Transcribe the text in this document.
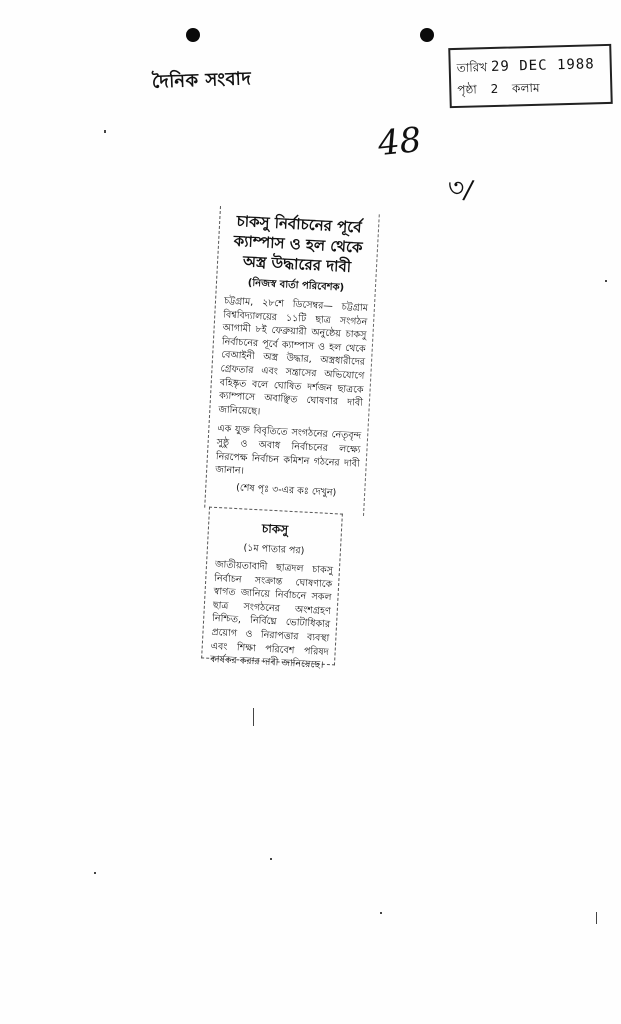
দৈনিক সংবাদ
তারিখ 29 DEC 1988
পৃষ্ঠা 2 কলাম
48
৩/
চাকসু নির্বাচনের পূর্বে ক্যাম্পাস ও হল থেকে অস্ত্র উদ্ধারের দাবী
(নিজস্ব বার্তা পরিবেশক)
চট্টগ্রাম, ২৮শে ডিসেম্বর— চট্টগ্রাম বিশ্ববিদ্যালয়ের ১১টি ছাত্র সংগঠন আগামী ৮ই ফেব্রুয়ারী অনুষ্ঠেয় চাকসু নির্বাচনের পূর্বে ক্যাম্পাস ও হল থেকে বেআইনী অস্ত্র উদ্ধার, অস্ত্রধারীদের গ্রেফতার এবং সন্ত্রাসের অভিযোগে বহিষ্কৃত বলে ঘোষিত দর্শজন ছাত্রকে ক্যাম্পাসে অবাঞ্ছিত ঘোষণার দাবী জানিয়েছে।
এক যুক্ত বিবৃতিতে সংগঠনের নেতৃবৃন্দ সুষ্ঠু ও অবাধ নির্বাচনের লক্ষ্যে নিরপেক্ষ নির্বাচন কমিশন গঠনের দাবী জানান।
(শেষ পৃঃ ৩-এর কঃ দেখুন)
চাকসু
(১ম পাতার পর)
জাতীয়তাবাদী ছাত্রদল চাকসু নির্বাচন সংক্রান্ত ঘোষণাকে স্বাগত জানিয়ে নির্বাচনে সকল ছাত্র সংগঠনের অংশগ্রহণ নিশ্চিত, নির্বিঘ্নে ভোটাধিকার প্রয়োগ ও নিরাপত্তার ব্যবস্থা এবং শিক্ষা পরিবেশ পরিষদ কার্যকর করার দাবী জানিয়েছে।
